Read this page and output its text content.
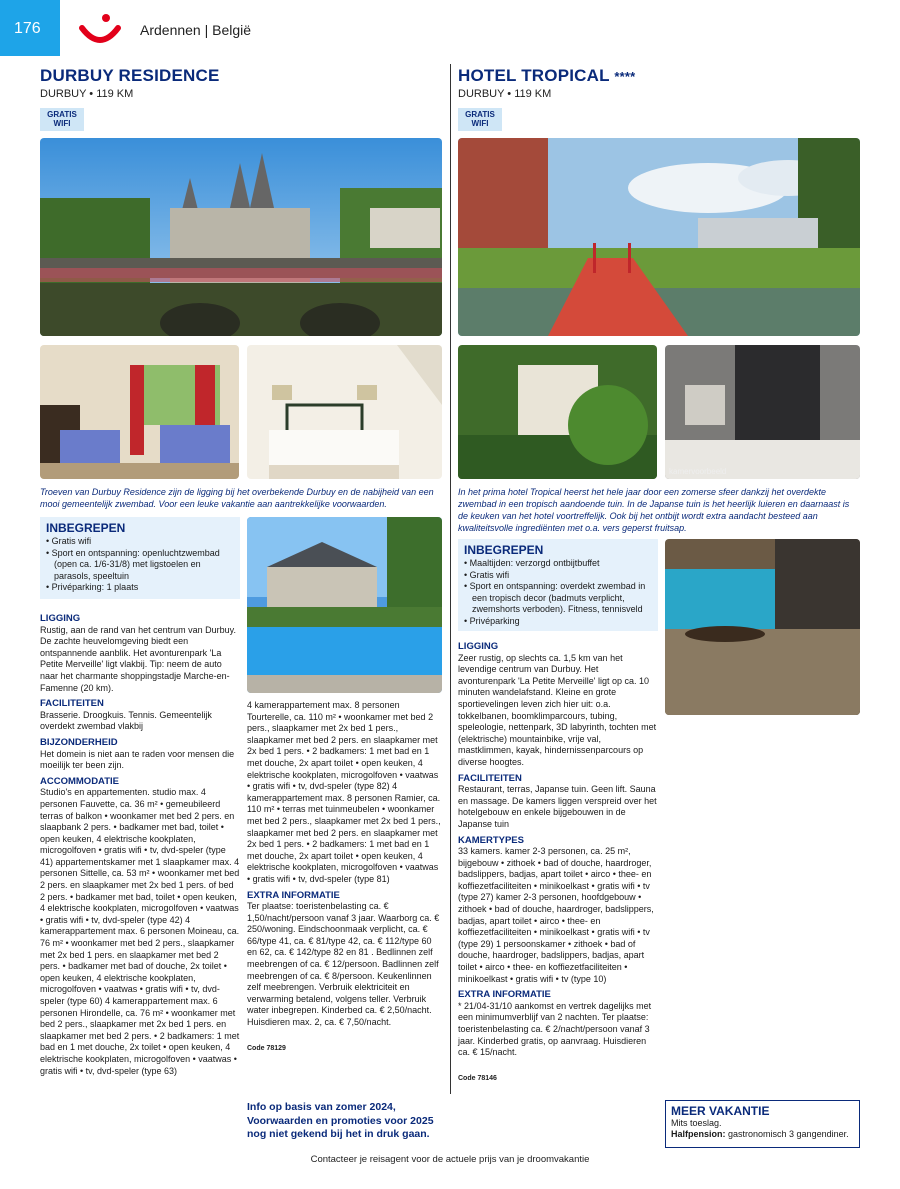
176	Ardennen | België
DURBUY RESIDENCE
DURBUY • 119 KM
GRATIS WIFI
Troeven van Durbuy Residence zijn de ligging bij het overbekende Durbuy en de nabijheid van een mooi gemeentelijk zwembad. Voor een leuke vakantie aan aantrekkelijke voorwaarden.
INBEGREPEN
• Gratis wifi
• Sport en ontspanning: openluchtzwembad (open ca. 1/6-31/8) met ligstoelen en parasols, speeltuin
• Privéparking: 1 plaats
LIGGING

Rustig, aan de rand van het centrum van Durbuy. De zachte heuvelomgeving biedt een ontspannende aanblik. Het avonturenpark 'La Petite Merveille' ligt vlakbij. Tip: neem de auto naar het charmante shoppingstadje Marche-en-Famenne (20 km).

FACILITEITEN

Brasserie. Droogkuis. Tennis. Gemeentelijk overdekt zwembad vlakbij

BIJZONDERHEID

Het domein is niet aan te raden voor mensen die moeilijk ter been zijn.

ACCOMMODATIE

Studio's en appartementen. studio max. 4 personen Fauvette, ca. 36 m² • gemeubileerd terras of balkon • woonkamer met bed 2 pers. en slaapbank 2 pers. • badkamer met bad, toilet • open keuken, 4 elektrische kookplaten, microgolfoven • gratis wifi • tv, dvd-speler (type 41) appartementskamer met 1 slaapkamer max. 4 personen Sittelle, ca. 53 m² • woonkamer met bed 2 pers. en slaapkamer met 2x bed 1 pers. of bed 2 pers. • badkamer met bad, toilet • open keuken, 4 elektrische kookplaten, microgolfoven • vaatwas • gratis wifi • tv, dvd-speler (type 42) 4 kamerappartement max. 6 personen Moineau, ca. 76 m² • woonkamer met bed 2 pers., slaapkamer met 2x bed 1 pers. en slaapkamer met bed 2 pers. • badkamer met bad of douche, 2x toilet • open keuken, 4 elektrische kookplaten, microgolfoven • vaatwas • gratis wifi • tv, dvd-speler (type 60) 4 kamerappartement max. 6 personen Hirondelle, ca. 76 m² • woonkamer met bed 2 pers., slaapkamer met 2x bed 1 pers. en slaapkamer met bed 2 pers. • 2 badkamers: 1 met bad en 1 met douche, 2x toilet • open keuken, 4 elektrische kookplaten, microgolfoven • vaatwas • gratis wifi • tv, dvd-speler (type 63)

4 kamerappartement max. 8 personen Tourterelle, ca. 110 m² • woonkamer met bed 2 pers., slaapkamer met 2x bed 1 pers., slaapkamer met bed 2 pers. en slaapkamer met 2x bed 1 pers. • 2 badkamers: 1 met bad en 1 met douche, 2x apart toilet • open keuken, 4 elektrische kookplaten, microgolfoven • vaatwas • gratis wifi • tv, dvd-speler (type 82) 4 kamerappartement max. 8 personen Ramier, ca. 110 m² • terras met tuinmeubelen • woonkamer met bed 2 pers., slaapkamer met 2x bed 1 pers., slaapkamer met bed 2 pers. en slaapkamer met 2x bed 1 pers. • 2 badkamers: 1 met bad en 1 met douche, 2x apart toilet • open keuken, 4 elektrische kookplaten, microgolfoven • vaatwas • gratis wifi • tv, dvd-speler (type 81)

EXTRA INFORMATIE

Ter plaatse: toeristenbelasting ca. € 1,50/nacht/persoon vanaf 3 jaar. Waarborg ca. € 250/woning. Eindschoonmaak verplicht, ca. € 66/type 41, ca. € 81/type 42, ca. € 112/type 60 en 62, ca. € 142/type 82 en 81 . Bedlinnen zelf meebrengen of ca. € 12/persoon. Badlinnen zelf meebrengen of ca. € 8/persoon. Keukenlinnen zelf meebrengen. Verbruik elektriciteit en verwarming betalend, volgens teller. Verbruik water inbegrepen. Kinderbed ca. € 2,50/nacht. Huisdieren max. 2, ca. € 7,50/nacht.

Code 78129

Info op basis van zomer 2024, Voorwaarden en promoties voor 2025 nog niet gekend bij het in druk gaan.
HOTEL TROPICAL ****
DURBUY • 119 KM
GRATIS WIFI
kamervoorbeeld
In het prima hotel Tropical heerst het hele jaar door een zomerse sfeer dankzij het overdekte zwembad in een tropisch aandoende tuin. In de Japanse tuin is het heerlijk luieren en daarnaast is de keuken van het hotel voortreffelijk. Ook bij het ontbijt wordt extra aandacht besteed aan kwaliteitsvolle ingrediënten met o.a. vers geperst fruitsap.
INBEGREPEN
• Maaltijden: verzorgd ontbijtbuffet
• Gratis wifi
• Sport en ontspanning: overdekt zwembad in een tropisch decor (badmuts verplicht, zwemshorts verboden). Fitness, tennisveld
• Privéparking
LIGGING

Zeer rustig, op slechts ca. 1,5 km van het levendige centrum van Durbuy. Het avonturenpark 'La Petite Merveille' ligt op ca. 10 minuten wandelafstand. Kleine en grote sportievelingen leven zich hier uit: o.a. tokkelbanen, boomklimparcours, tubing, speleologie, nettenpark, 3D labyrinth, tochten met (elektrische) mountainbike, vrije val, mastklimmen, kayak, hindernissenparcours op diverse hoogtes.

FACILITEITEN

Restaurant, terras, Japanse tuin. Geen lift. Sauna en massage. De kamers liggen verspreid over het hotelgebouw en enkele bijgebouwen in de Japanse tuin

KAMERTYPES

33 kamers. kamer 2-3 personen, ca. 25 m², bijgebouw • zithoek • bad of douche, haardroger, badslippers, badjas, apart toilet • airco • thee- en koffiezetfaciliteiten • minikoelkast • gratis wifi • tv (type 27) kamer 2-3 personen, hoofdgebouw • zithoek • bad of douche, haardroger, badslippers, badjas, apart toilet • airco • thee- en koffiezetfaciliteiten • minikoelkast • gratis wifi • tv (type 29) 1 persoonskamer • zithoek • bad of douche, haardroger, badslippers, badjas, apart toilet • airco • thee- en koffiezetfaciliteiten • minikoelkast • gratis wifi • tv (type 10)

EXTRA INFORMATIE

* 21/04-31/10 aankomst en vertrek dagelijks met een minimumverblijf van 2 nachten. Ter plaatse: toeristenbelasting ca. € 2/nacht/persoon vanaf 3 jaar. Kinderbed gratis, op aanvraag. Huisdieren ca. € 15/nacht.

Code 78146

MEER VAKANTIE

Mits toeslag.

Halfpension: gastronomisch 3 gangendiner.

Contacteer je reisagent voor de actuele prijs van je droomvakantie
